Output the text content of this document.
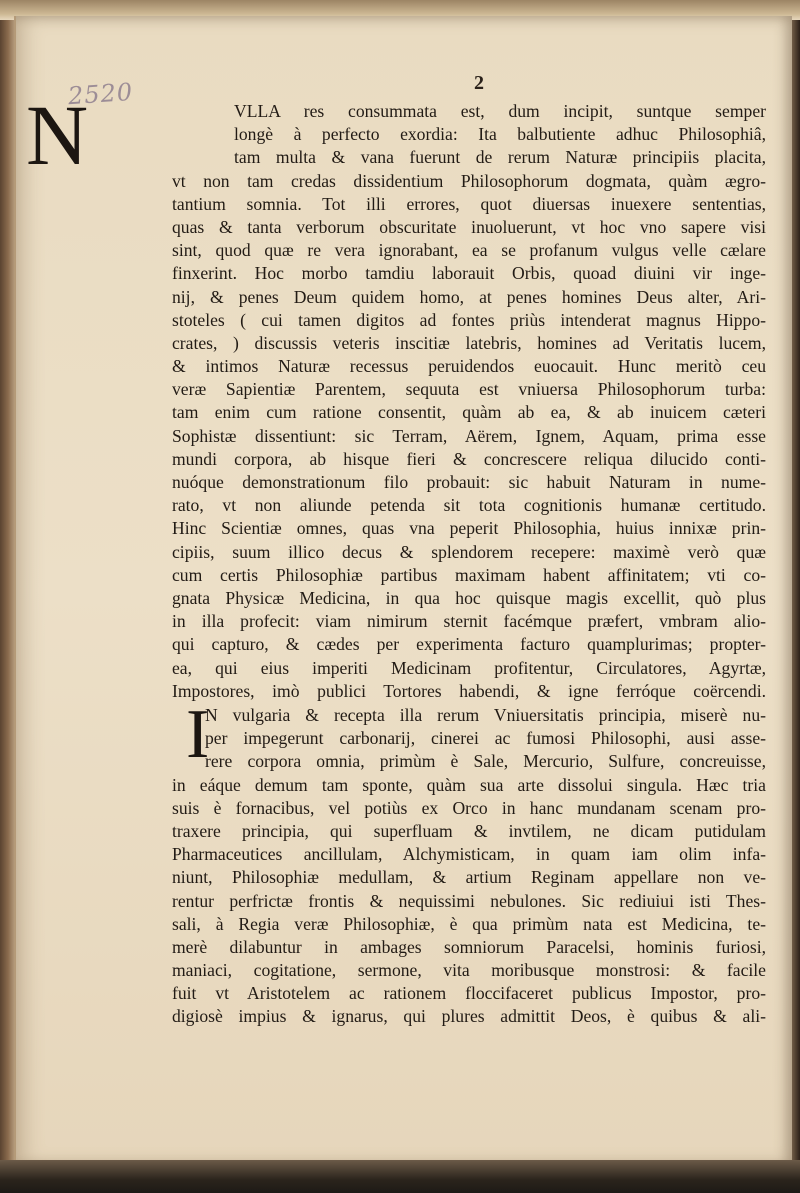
2520	2
N
I
VLLA res consummata est, dum incipit, suntque semper
longè à perfecto exordia: Ita balbutiente adhuc Philosophiâ,
tam multa & vana fuerunt de rerum Naturæ principiis placita,
vt non tam credas dissidentium Philosophorum dogmata, quàm ægro-
tantium somnia. Tot illi errores, quot diuersas inuexere sententias,
quas & tanta verborum obscuritate inuoluerunt, vt hoc vno sapere visi
sint, quod quæ re vera ignorabant, ea se profanum vulgus velle cælare
finxerint. Hoc morbo tamdiu laborauit Orbis, quoad diuini vir inge-
nij, & penes Deum quidem homo, at penes homines Deus alter, Ari-
stoteles ( cui tamen digitos ad fontes priùs intenderat magnus Hippo-
crates, ) discussis veteris inscitiæ latebris, homines ad Veritatis lucem,
& intimos Naturæ recessus peruidendos euocauit. Hunc meritò ceu
veræ Sapientiæ Parentem, sequuta est vniuersa Philosophorum turba:
tam enim cum ratione consentit, quàm ab ea, & ab inuicem cæteri
Sophistæ dissentiunt: sic Terram, Aërem, Ignem, Aquam, prima esse
mundi corpora, ab hisque fieri & concrescere reliqua dilucido conti-
nuóque demonstrationum filo probauit: sic habuit Naturam in nume-
rato, vt non aliunde petenda sit tota cognitionis humanæ certitudo.
Hinc Scientiæ omnes, quas vna peperit Philosophia, huius innixæ prin-
cipiis, suum illico decus & splendorem recepere: maximè verò quæ
cum certis Philosophiæ partibus maximam habent affinitatem; vti co-
gnata Physicæ Medicina, in qua hoc quisque magis excellit, quò plus
in illa profecit: viam nimirum sternit facémque præfert, vmbram alio-
qui capturo, & cædes per experimenta facturo quamplurimas; propter-
ea, qui eius imperiti Medicinam profitentur, Circulatores, Agyrtæ,
Impostores, imò publici Tortores habendi, & igne ferróque coërcendi.
N vulgaria & recepta illa rerum Vniuersitatis principia, miserè nu-
per impegerunt carbonarij, cinerei ac fumosi Philosophi, ausi asse-
rere corpora omnia, primùm è Sale, Mercurio, Sulfure, concreuisse,
in eáque demum tam sponte, quàm sua arte dissolui singula. Hæc tria
suis è fornacibus, vel potiùs ex Orco in hanc mundanam scenam pro-
traxere principia, qui superfluam & invtilem, ne dicam putidulam
Pharmaceutices ancillulam, Alchymisticam, in quam iam olim infa-
niunt, Philosophiæ medullam, & artium Reginam appellare non ve-
rentur perfrictæ frontis & nequissimi nebulones. Sic rediuiui isti Thes-
sali, à Regia veræ Philosophiæ, è qua primùm nata est Medicina, te-
merè dilabuntur in ambages somniorum Paracelsi, hominis furiosi,
maniaci, cogitatione, sermone, vita moribusque monstrosi: & facile
fuit vt Aristotelem ac rationem floccifaceret publicus Impostor, pro-
digiosè impius & ignarus, qui plures admittit Deos, è quibus & ali-
